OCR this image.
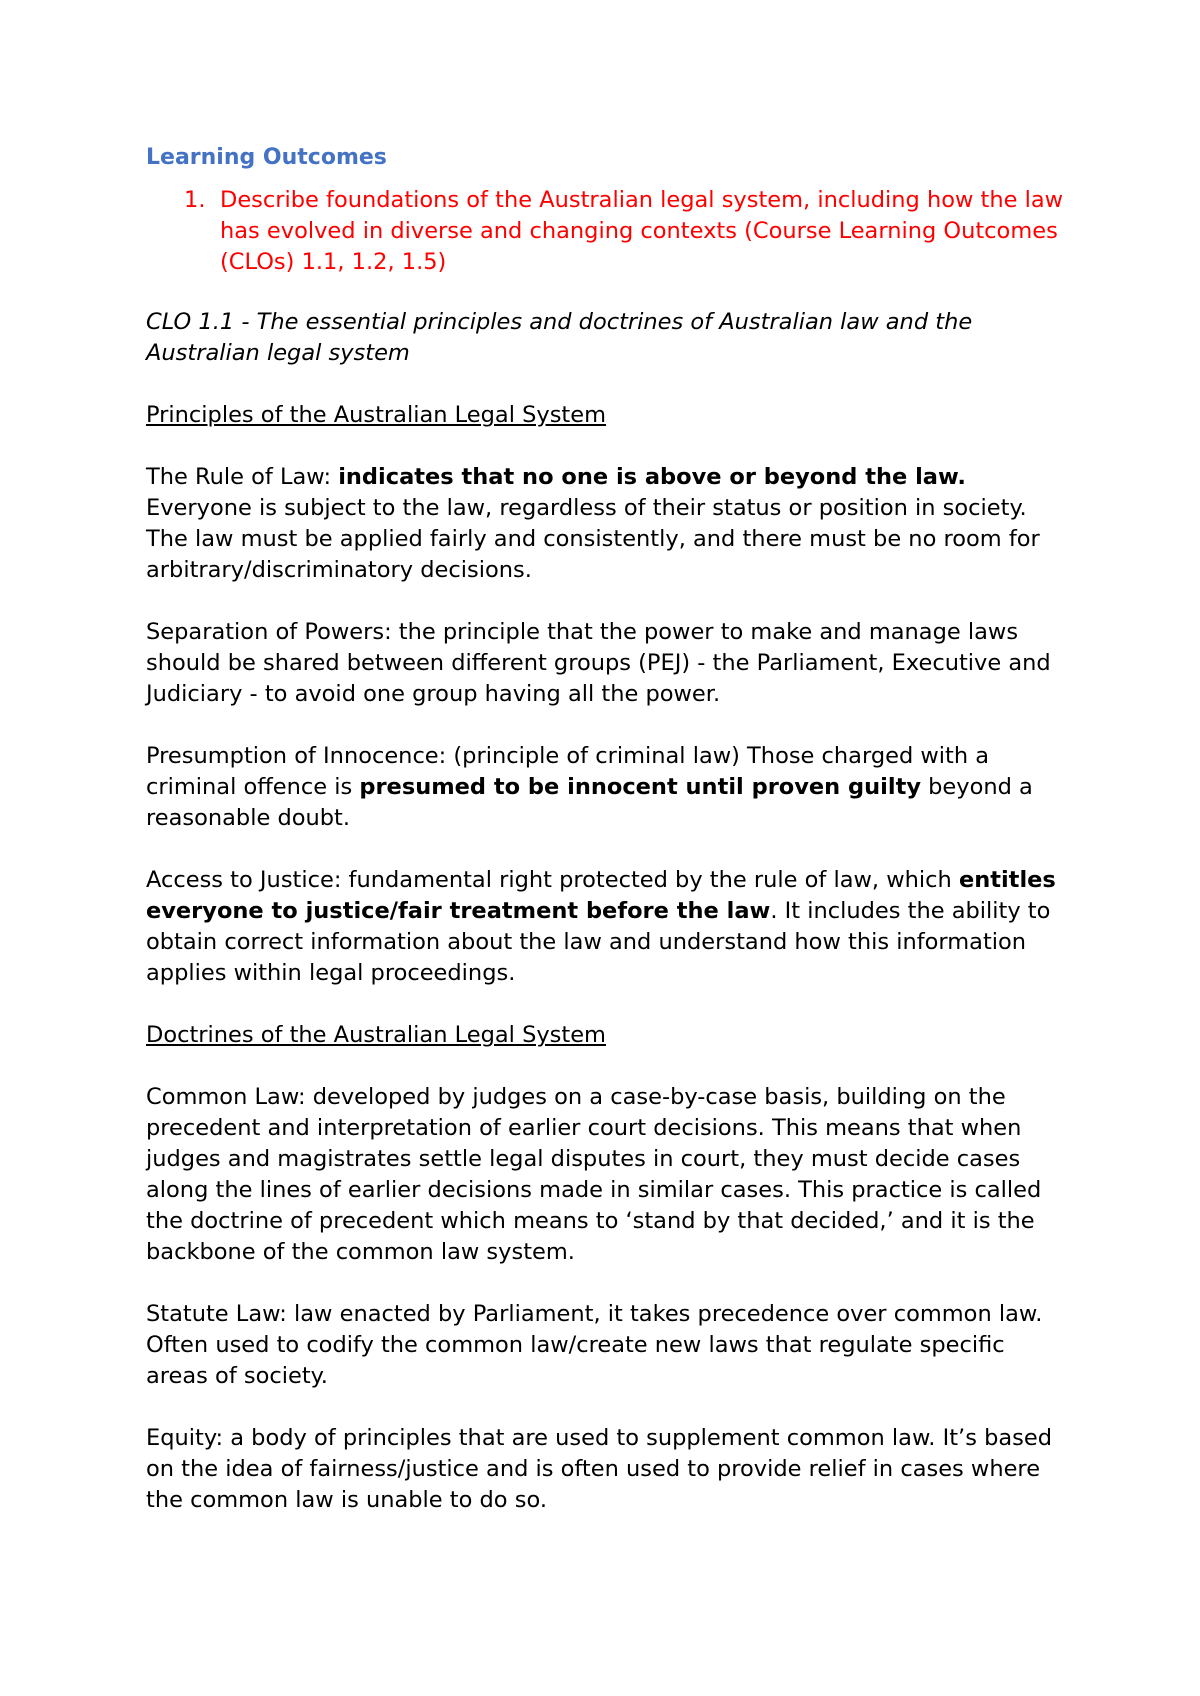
Learning Outcomes
1. Describe foundations of the Australian legal system, including how the law has evolved in diverse and changing contexts (Course Learning Outcomes (CLOs) 1.1, 1.2, 1.5)

CLO 1.1 - The essential principles and doctrines of Australian law and the Australian legal system

Principles of the Australian Legal System

The Rule of Law: indicates that no one is above or beyond the law. Everyone is subject to the law, regardless of their status or position in society. The law must be applied fairly and consistently, and there must be no room for arbitrary/discriminatory decisions.

Separation of Powers: the principle that the power to make and manage laws should be shared between different groups (PEJ) - the Parliament, Executive and Judiciary - to avoid one group having all the power.

Presumption of Innocence: (principle of criminal law) Those charged with a criminal offence is presumed to be innocent until proven guilty beyond a reasonable doubt.

Access to Justice: fundamental right protected by the rule of law, which entitles everyone to justice/fair treatment before the law. It includes the ability to obtain correct information about the law and understand how this information applies within legal proceedings.

Doctrines of the Australian Legal System

Common Law: developed by judges on a case-by-case basis, building on the precedent and interpretation of earlier court decisions. This means that when judges and magistrates settle legal disputes in court, they must decide cases along the lines of earlier decisions made in similar cases. This practice is called the doctrine of precedent which means to ‘stand by that decided,’ and it is the backbone of the common law system.

Statute Law: law enacted by Parliament, it takes precedence over common law. Often used to codify the common law/create new laws that regulate specific areas of society.

Equity: a body of principles that are used to supplement common law. It’s based on the idea of fairness/justice and is often used to provide relief in cases where the common law is unable to do so.
